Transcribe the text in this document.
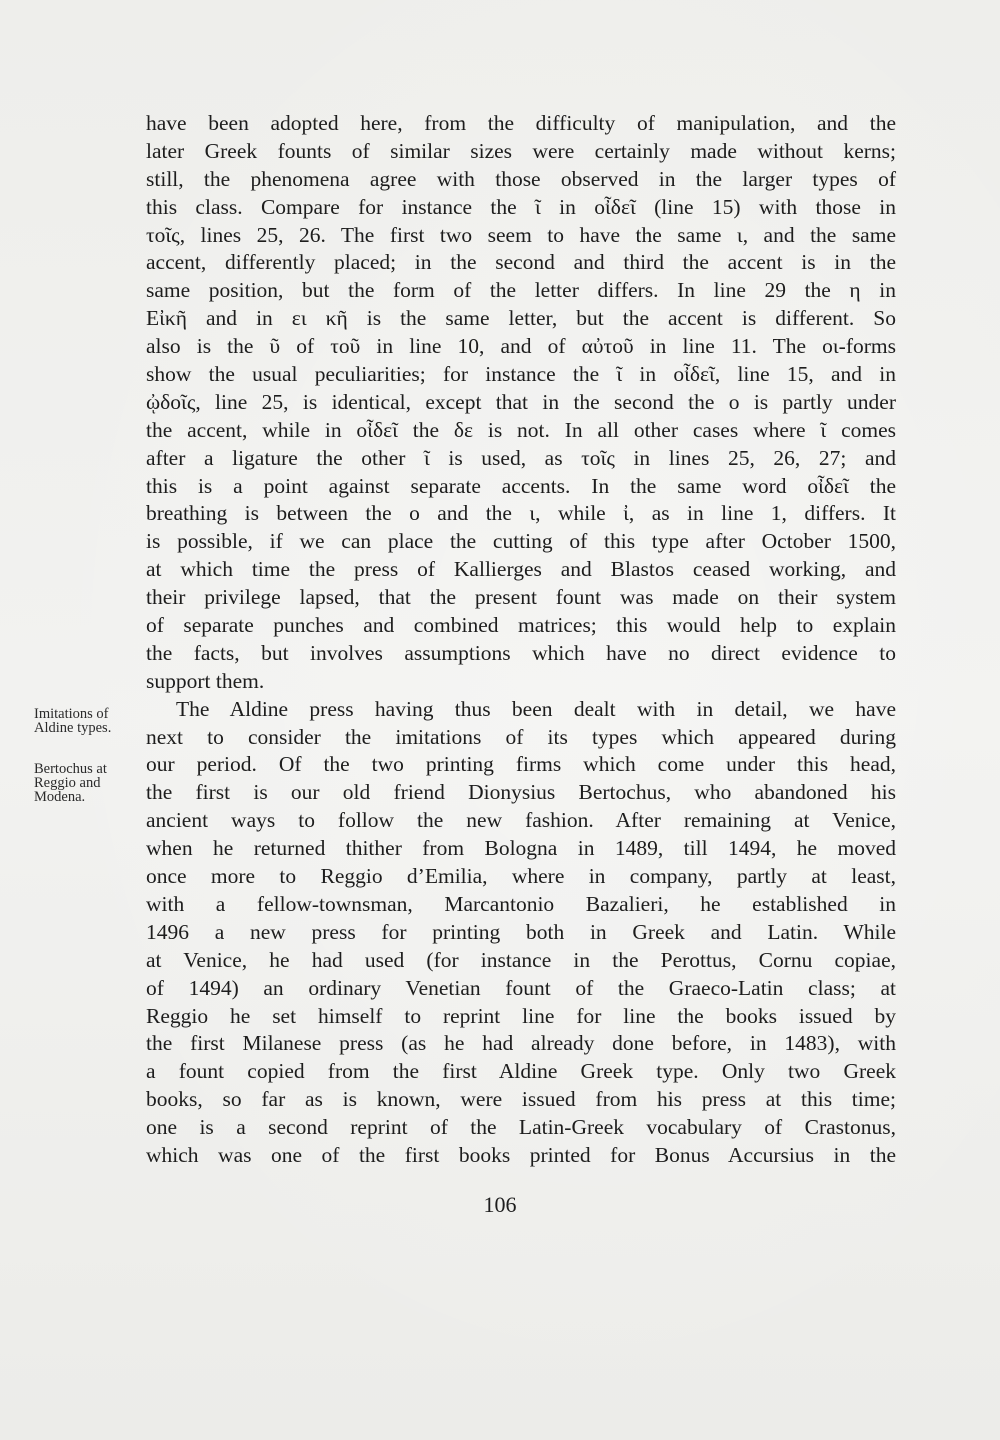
have been adopted here, from the difficulty of manipulation, and the
later Greek founts of similar sizes were certainly made without kerns;
still, the phenomena agree with those observed in the larger types of
this class. Compare for instance the ῖ in οἶδεῖ (line 15) with those in
τοῖς, lines 25, 26. The first two seem to have the same ι, and the same
accent, differently placed; in the second and third the accent is in the
same position, but the form of the letter differs. In line 29 the η in
Εἰκῆ and in ει κῆ is the same letter, but the accent is different. So
also is the ῦ of τοῦ in line 10, and of αὐτοῦ in line 11. The οι-forms
show the usual peculiarities; for instance the ῖ in οἶδεῖ, line 15, and in
ᾠδοῖς, line 25, is identical, except that in the second the ο is partly under
the accent, while in οἶδεῖ the δε is not. In all other cases where ῖ comes
after a ligature the other ῖ is used, as τοῖς in lines 25, 26, 27; and
this is a point against separate accents. In the same word οἶδεῖ the
breathing is between the ο and the ι, while ἰ, as in line 1, differs. It
is possible, if we can place the cutting of this type after October 1500,
at which time the press of Kallierges and Blastos ceased working, and
their privilege lapsed, that the present fount was made on their system
of separate punches and combined matrices; this would help to explain
the facts, but involves assumptions which have no direct evidence to
support them.
The Aldine press having thus been dealt with in detail, we have
next to consider the imitations of its types which appeared during
our period. Of the two printing firms which come under this head,
the first is our old friend Dionysius Bertochus, who abandoned his
ancient ways to follow the new fashion. After remaining at Venice,
when he returned thither from Bologna in 1489, till 1494, he moved
once more to Reggio d’Emilia, where in company, partly at least,
with a fellow-townsman, Marcantonio Bazalieri, he established in
1496 a new press for printing both in Greek and Latin. While
at Venice, he had used (for instance in the Perottus, Cornu copiae,
of 1494) an ordinary Venetian fount of the Graeco-Latin class; at
Reggio he set himself to reprint line for line the books issued by
the first Milanese press (as he had already done before, in 1483), with
a fount copied from the first Aldine Greek type. Only two Greek
books, so far as is known, were issued from his press at this time;
one is a second reprint of the Latin-Greek vocabulary of Crastonus,
which was one of the first books printed for Bonus Accursius in the
Imitations of
Aldine types.
Bertochus at
Reggio and
Modena.
106
